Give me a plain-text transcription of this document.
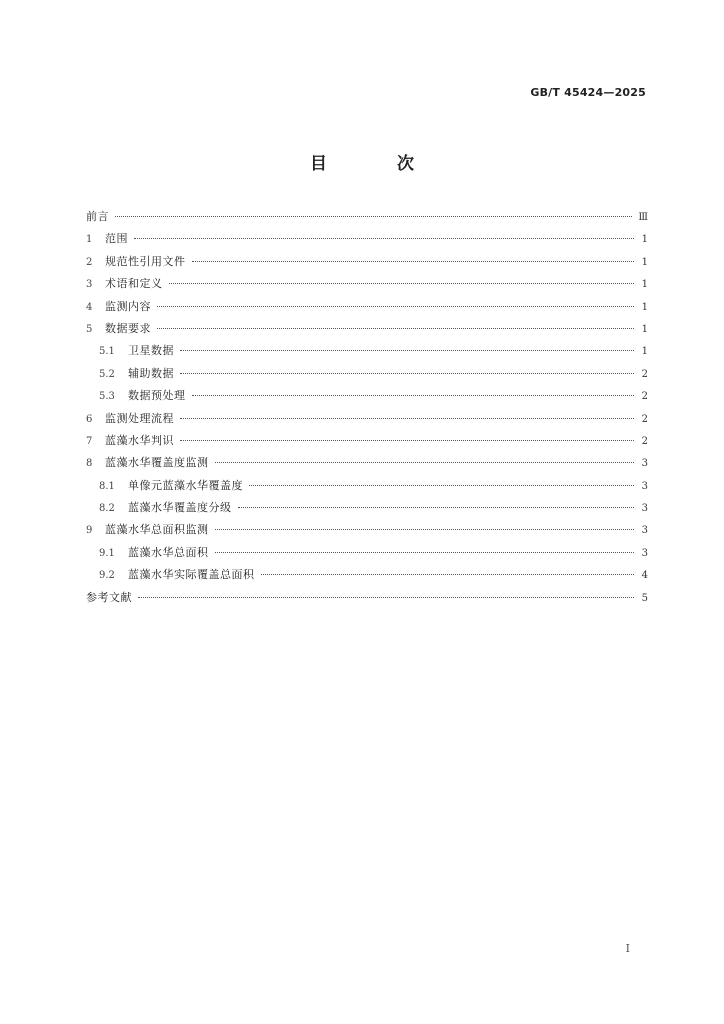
GB/T 45424—2025
目 次
前言	Ⅲ
1	范围	1
2	规范性引用文件	1
3	术语和定义	1
4	监测内容	1
5	数据要求	1
5.1	卫星数据	1
5.2	辅助数据	2
5.3	数据预处理	2
6	监测处理流程	2
7	蓝藻水华判识	2
8	蓝藻水华覆盖度监测	3
8.1	单像元蓝藻水华覆盖度	3
8.2	蓝藻水华覆盖度分级	3
9	蓝藻水华总面积监测	3
9.1	蓝藻水华总面积	3
9.2	蓝藻水华实际覆盖总面积	4
参考文献	5
I
